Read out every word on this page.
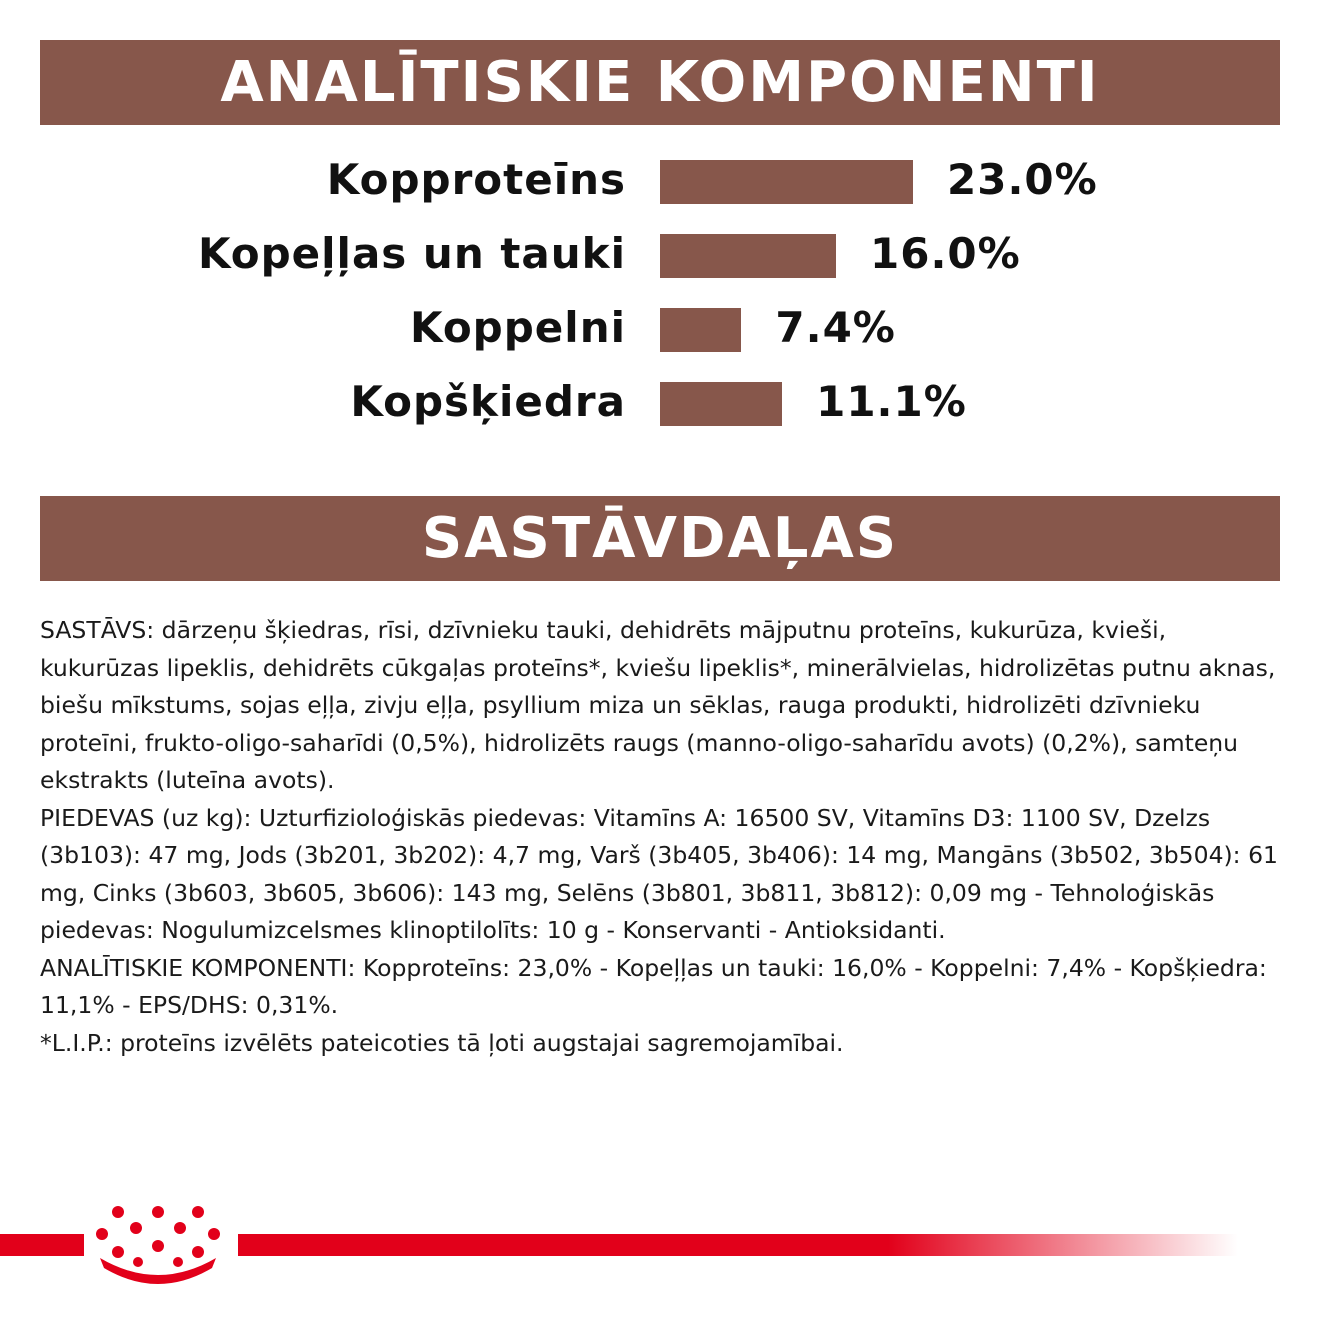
ANALĪTISKIE KOMPONENTI
Kopproteīns	23.0%
Kopeļļas un tauki	16.0%
Koppelni	7.4%
Kopšķiedra	11.1%
SASTĀVDAĻAS

SASTĀVS: dārzeņu šķiedras, rīsi, dzīvnieku tauki, dehidrēts mājputnu proteīns, kukurūza, kvieši, kukurūzas lipeklis, dehidrēts cūkgaļas proteīns*, kviešu lipeklis*, minerālvielas, hidrolizētas putnu aknas, biešu mīkstums, sojas eļļa, zivju eļļa, psyllium miza un sēklas, rauga produkti, hidrolizēti dzīvnieku proteīni, frukto-oligo-saharīdi (0,5%), hidrolizēts raugs (manno-oligo-saharīdu avots) (0,2%), samteņu ekstrakts (luteīna avots).

PIEDEVAS (uz kg): Uzturfizioloģiskās piedevas: Vitamīns A: 16500 SV, Vitamīns D3: 1100 SV, Dzelzs (3b103): 47 mg, Jods (3b201, 3b202): 4,7 mg, Varš (3b405, 3b406): 14 mg, Mangāns (3b502, 3b504): 61 mg, Cinks (3b603, 3b605, 3b606): 143 mg, Selēns (3b801, 3b811, 3b812): 0,09 mg - Tehnoloģiskās piedevas: Nogulumizcelsmes klinoptilolīts: 10 g - Konservanti - Antioksidanti.

ANALĪTISKIE KOMPONENTI: Kopproteīns: 23,0% - Kopeļļas un tauki: 16,0% - Koppelni: 7,4% - Kopšķiedra: 11,1% - EPS/DHS: 0,31%.

*L.I.P.: proteīns izvēlēts pateicoties tā ļoti augstajai sagremojamībai.
